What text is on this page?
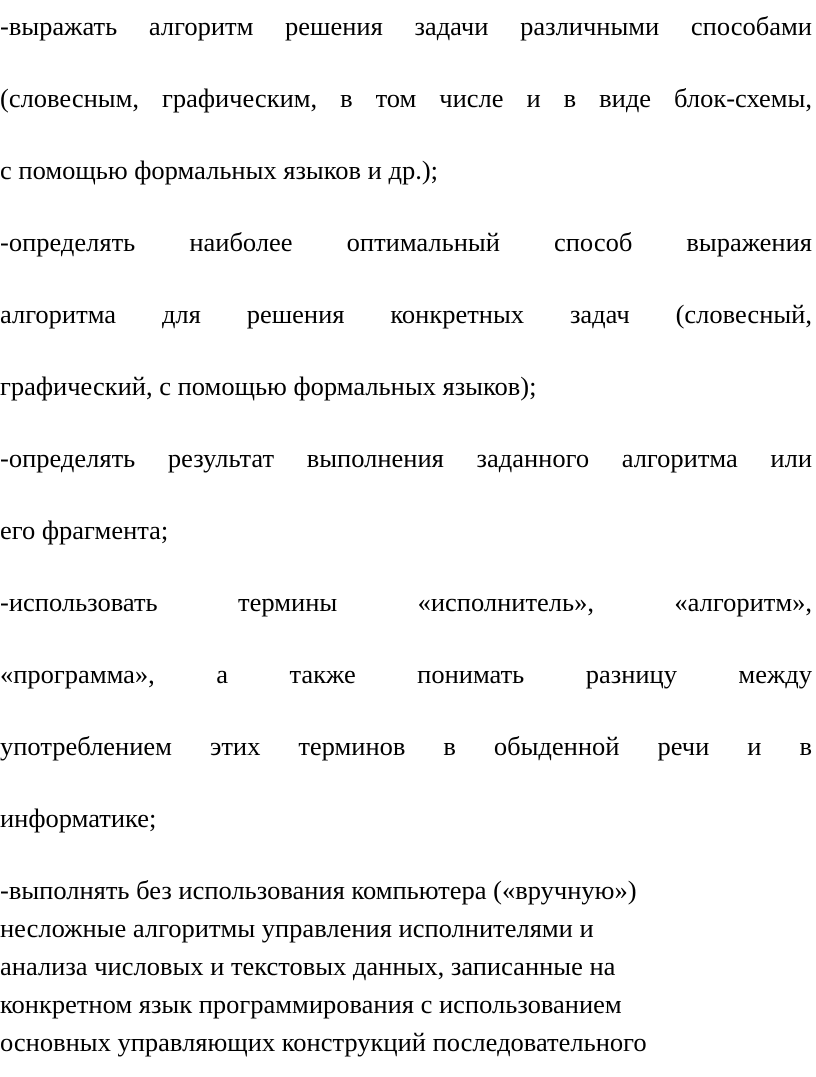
-выражать алгоритм решения задачи различными способами
(словесным, графическим, в том числе и в виде блок-схемы,
с помощью формальных языков и др.);
-определять наиболее оптимальный способ выражения
алгоритма для решения конкретных задач (словесный,
графический, с помощью формальных языков);
-определять результат выполнения заданного алгоритма или
его фрагмента;
-использовать термины «исполнитель», «алгоритм»,
«программа», а также понимать разницу между
употреблением этих терминов в обыденной речи и в
информатике;
-выполнять без использования компьютера («вручную»)
несложные алгоритмы управления исполнителями и
анализа числовых и текстовых данных, записанные на
конкретном язык программирования с использованием
основных управляющих конструкций последовательного
